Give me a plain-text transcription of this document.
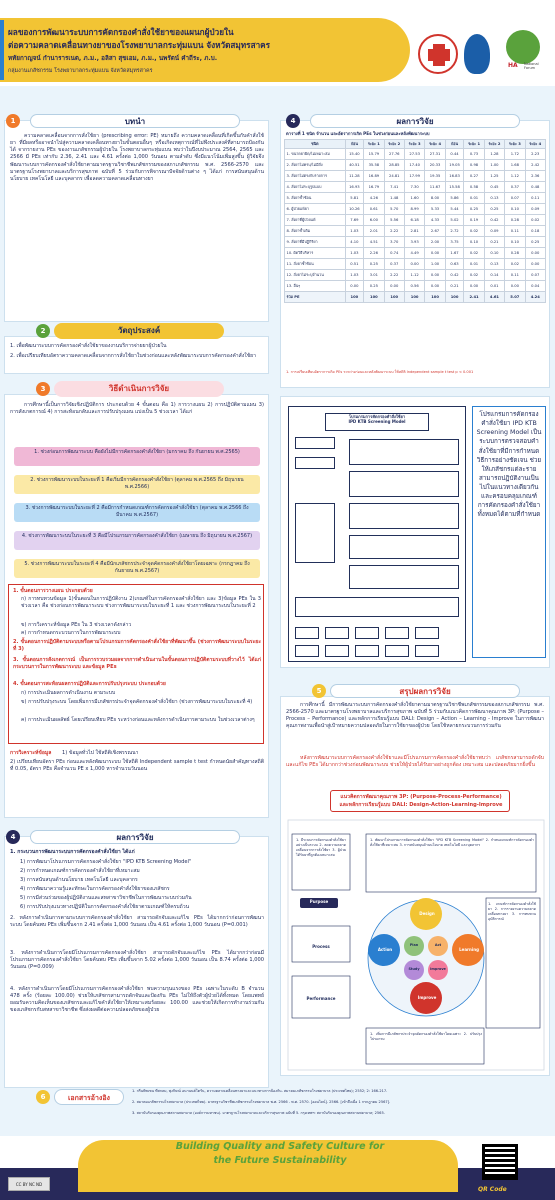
ผลของการพัฒนาระบบการคัดกรองคำสั่งใช้ยาของแผนกผู้ป่วยใน
ต่อความคลาดเคลื่อนทางยาของโรงพยาบาลกระทุ่มแบน จังหวัดสมุทรสาคร
หทัยกาญจน์ กำนารารเนต, ภ.ม., อลิสา สุขเอม, ภ.ม., นพรัตน์ คำถีระ, ภ.บ.
กลุ่มงานเภสัชกรรม โรงพยาบาลกระทุ่มแบน จังหวัดสมุทรสาคร
HA National Forum
1	บทนำ
ความคลาดเคลื่อนจากการสั่งใช้ยา (prescribing error: PE) หมายถึง ความคลาดเคลื่อนที่เกิดขึ้นกับคำสั่งใช้ยา ที่มีผลหรืออาจนำไปสู่ความคลาดเคลื่อนทางยาในขั้นตอนอื่นๆ หรือเกิดเหตุการณ์ที่ไม่พึงประสงค์ที่สามารถป้องกันได้ จากรายงาน PEs ของงานเภสัชกรรมผู้ป่วยใน โรงพยาบาลกระทุ่มแบน พบว่าในปีงบประมาณ 2564, 2565 และ 2566 มี PEs เท่ากับ 2.36, 2.41 และ 4.61 ครั้งต่อ 1,000 วันนอน ตามลำดับ ซึ่งมีแนวโน้มเพิ่มสูงขึ้น ผู้วิจัยจึงพัฒนาระบบการคัดกรองคำสั่งใช้ยาตามมาตรฐานวิชาชีพเภสัชกรรมของสภาเภสัชกรรม พ.ศ. 2566-2570 และมาตรฐานโรงพยาบาลและบริการสุขภาพ ฉบับที่ 5 ร่วมกับการพิจารณาปัจจัยด้านต่าง ๆ ได้แก่ การสนับสนุนด้านนโยบาย เทคโนโลยี และบุคลากร เพื่อลดความคลาดเคลื่อนทางยา
2	วัตถุประสงค์
1. เพื่อพัฒนาระบบการคัดกรองคำสั่งใช้ยาของงานบริการจ่ายยาผู้ป่วยใน
2. เพื่อเปรียบเทียบอัตราความคลาดเคลื่อนจากการสั่งใช้ยาในช่วงก่อนและหลังพัฒนาระบบการคัดกรองคำสั่งใช้ยา
3	วิธีดำเนินการวิจัย
การศึกษานี้เป็นการวิจัยเชิงปฏิบัติการ ประกอบด้วย 4 ขั้นตอน คือ 1) การวางแผน 2) การปฏิบัติตามแผน 3) การสังเกตการณ์ 4) การสะท้อนกลับและการปรับปรุงแผน แบ่งเป็น 5 ช่วงเวลา ได้แก่
1. ช่วงก่อนการพัฒนาระบบ คือยังไม่มีการคัดกรองคำสั่งใช้ยา (มกราคม ถึง กันยายน พ.ศ.2565)
2. ช่วงการพัฒนาระบบในระยะที่ 1 คือเริ่มมีการคัดกรองคำสั่งใช้ยา (ตุลาคม พ.ศ.2565 ถึง มิถุนายน พ.ศ.2566)
3. ช่วงการพัฒนาระบบในระยะที่ 2 คือมีการกำหนดเกณฑ์การคัดกรองคำสั่งใช้ยา (ตุลาคม พ.ศ.2566 ถึง มีนาคม พ.ศ.2567)
4. ช่วงการพัฒนาระบบในระยะที่ 3 คือมีโปรแกรมการคัดกรองคำสั่งใช้ยา (เมษายน ถึง มิถุนายน พ.ศ.2567)
5. ช่วงการพัฒนาระบบในระยะที่ 4 คือมีนักเภสัชกรประจำจุดคัดกรองคำสั่งใช้ยาโดยเฉพาะ (กรกฎาคม ถึง กันยายน พ.ศ.2567)
1. ขั้นตอนการวางแผน ประกอบด้วย
ก) การทบทวนข้อมูล 1)ขั้นตอนในการปฏิบัติงาน 2)เกณฑ์ในการคัดกรองคำสั่งใช้ยา และ 3)ข้อมูล PEs ใน 3 ช่วงเวลา คือ ช่วงก่อนการพัฒนาระบบ ช่วงการพัฒนาระบบในระยะที่ 1 และ ช่วงการพัฒนาระบบในระยะที่ 2
ข) การวิเคราะห์ข้อมูล PEs ใน 3 ช่วงเวลาดังกล่าว
ค) การกำหนดกระบวนการในการพัฒนาระบบ
2. ขั้นตอนการปฏิบัติตามระบบหรือตามโปรแกรมการคัดกรองคำสั่งใช้ยาที่พัฒนาขึ้น (ช่วงการพัฒนาระบบในระยะที่ 3)
3. ขั้นตอนการสังเกตการณ์ เป็นการรวบรวมผลจากการดำเนินงานในขั้นตอนการปฏิบัติตามระบบที่วางไว้ ได้แก่ กระบวนการในการพัฒนาระบบ และข้อมูล PEs
4. ขั้นตอนการสะท้อนผลการปฏิบัติและการปรับปรุงระบบ ประกอบด้วย
ก) การประเมินผลการดำเนินงาน ตามระบบ
ข) การปรับปรุงระบบ โดยเพิ่มการมีเภสัชกรประจำจุดคัดกรองคำสั่งใช้ยา (ช่วงการพัฒนาระบบในระยะที่ 4)
ค) การประเมินผลลัพธ์ โดยเปรียบเทียบ PEs ระหว่างก่อนและหลังการดำเนินการตามระบบ ในช่วงเวลาต่างๆ
การวิเคราะห์ข้อมูล	1) ข้อมูลทั่วไป ใช้สถิติเชิงพรรณนา
2) เปรียบเทียบอัตรา PEs ก่อนและหลังพัฒนาระบบ ใช้สถิติ Independent sample t test กำหนดนัยสำคัญทางสถิติที่ 0.05, อัตรา PEs คือจำนวน PE x 1,000 หารจำนวนวันนอน
4	ผลการวิจัย
1. กระบวนการพัฒนาระบบการคัดกรองคำสั่งใช้ยา ได้แก่
1) การพัฒนาโปรแกรมการคัดกรองคำสั่งใช้ยา "IPD KTB Screening Model"
2) การกำหนดเกณฑ์การคัดกรองคำสั่งใช้ยาที่เหมาะสม
3) การสนับสนุนด้านนโยบาย เทคโนโลยี และบุคลากร
4) การพัฒนาความรู้และทักษะในการคัดกรองคำสั่งใช้ยาของเภสัชกร
5) การมีส่วนร่วมของผู้ปฏิบัติงานและสหสาขาวิชาชีพในการพัฒนาระบบร่วมกัน
6) การปรับปรุงแนวทางปฏิบัติในการคัดกรองคำสั่งใช้ยาตามเกณฑ์ให้ครบถ้วน
2. หลังการดำเนินการตามระบบการคัดกรองคำสั่งใช้ยา สามารถดักจับและแก้ไข PEs ได้มากกว่าก่อนการพัฒนาระบบ โดยค้นพบ PEs เพิ่มขึ้นจาก 2.41 ครั้งต่อ 1,000 วันนอน เป็น 4.61 ครั้งต่อ 1,000 วันนอน (P=0.001)
3. หลังการดำเนินการโดยมีโปรแกรมการคัดกรองคำสั่งใช้ยา สามารถดักจับและแก้ไข PEs ได้มากกว่าก่อนมีโปรแกรมการคัดกรองคำสั่งใช้ยา โดยค้นพบ PEs เพิ่มขึ้นจาก 5.02 ครั้งต่อ 1,000 วันนอน เป็น 8.74 ครั้งต่อ 1,000 วันนอน (P=0.009)
4. หลังการดำเนินการโดยมีโปรแกรมการคัดกรองคำสั่งใช้ยา พบความรุนแรงของ PEs เฉพาะในระดับ B จำนวน 478 ครั้ง (ร้อยละ 100.00) ช่วยให้เภสัชกรสามารถดักจับและป้องกัน PEs ไม่ให้ถึงตัวผู้ป่วยได้ทั้งหมด โดยแพทย์ยอมรับความคิดเห็นของเภสัชกรและแก้ไขคำสั่งใช้ยาให้เหมาะสมร้อยละ 100.00 และช่วยให้เกิดการทำงานร่วมกันของเภสัชกรกับสหสาขาวิชาชีพ ซึ่งส่งผลดีต่อความปลอดภัยของผู้ป่วย
6	เอกสารอ้างอิง
1. กรีนพิชเชน ทีสกลม, พุงกิษณ์ อนานนต์โตรัน, ความคลาดเคลื่อนทางยาและแนวทางการป้องกัน. สมาคมเภสัชกรรมโรงพยาบาล (ประเทศไทย); 2552; 2: 166-217.
2. สมาคมเภสัชกรรมโรงพยาบาล (ประเทศไทย). มาตรฐานวิชาชีพเภสัชกรรมโรงพยาบาล พ.ศ. 2566 - พ.ศ. 2570. [ออนไลน์]. 2566. [เข้าถึงเมื่อ 1 กรกฎาคม 2567].
3. สถาบันรับรองคุณภาพสถานพยาบาล (องค์การมหาชน). มาตรฐานโรงพยาบาลและบริการสุขภาพ ฉบับที่ 5. กรุงเทพฯ: สถาบันรับรองคุณภาพสถานพยาบาล; 2565.
4	ผลการวิจัย
ตารางที่ 1 ชนิด จำนวน และอัตราการเกิด PEs ในช่วงก่อนและหลังพัฒนาระบบ
ชนิด	ก่อน	ระยะ 1	ระยะ 2	ระยะ 3	ระยะ 4	ก่อน	ระยะ 1	ระยะ 2	ระยะ 3	ระยะ 4
1. ขนาดยาผิด/ไม่เหมาะสม	15.40	15.79	27.76	27.53	27.31	0.44	0.73	1.28	1.72	2.23
2. สั่งยาไม่ครบ/ไม่มีสั่ง	40.51	35.58	28.85	17.40	20.33	19.05	0.98	1.00	1.68	2.42
3. สั่งยาไม่ตรงกับรายการ	11.28	16.89	24.81	17.99	19.35	16.83	0.27	1.25	1.12	2.36
4. สั่งยาไม่ระบุรูปแบบ	16.93	16.79	7.41	7.30	11.67	15.58	0.58	0.45	0.37	0.48
5. สั่งยาซ้ำซ้อน	5.81	4.26	1.48	1.60	8.00	5.86	0.01	0.13	0.07	0.11
6. ผู้ป่วยแพ้ยา	10.26	0.61	5.70	8.99	5.33	5.44	0.25	0.25	0.10	0.09
7. สั่งยาที่ผู้ป่วยแพ้	7.69	6.00	5.56	6.18	4.33	5.02	0.19	0.42	0.28	0.02
8. สั่งยาซ้ำเดิม	1.03	2.01	2.22	2.81	2.67	2.72	0.02	0.09	0.11	0.18
9. สั่งยาที่มีปฏิกิริยา	4.10	4.51	3.70	3.93	2.00	3.75	0.10	0.21	0.10	0.25
10. ผิดวิธีบริหาร	1.03	2.26	0.74	4.49	0.00	1.67	0.02	0.10	0.28	0.00
11. สั่งยาซ้ำซ้อน	0.51	0.25	0.37	0.00	1.00	0.63	0.01	0.13	0.02	0.00
12. สั่งยาไม่ระบุจำนวน	1.03	3.01	2.22	1.12	0.00	0.42	0.02	0.14	0.11	0.07
13. อื่นๆ	0.00	0.25	0.00	0.56	0.00	0.21	0.00	0.01	0.00	0.04
รวม PE	100	100	100	100	100	100	2.41	4.61	5.07	4.24
1. การเปรียบเทียบอัตราการเกิด PEs ระหว่างก่อนและหลังพัฒนาระบบ ใช้สถิติ Independent sample t test p < 0.001
โปรแกรมการคัดกรองคำสั่งใช้ยา
IPD KTB Screening Model
โปรแกรมการคัดกรองคำสั่งใช้ยา IPD KTB Screening Model เป็นระบบการตรวจสอบคำสั่งใช้ยาที่มีการกำหนดวิธีการอย่างชัดเจน ช่วยให้เภสัชกรแต่ละรายสามารถปฏิบัติงานเป็นไปในแนวทางเดียวกันและครอบคลุมเกณฑ์การคัดกรองคำสั่งใช้ยาทั้งหมดได้ตามที่กำหนด
5	สรุปผลการวิจัย
การศึกษานี้ มีการพัฒนาระบบการคัดกรองคำสั่งใช้ยาตามมาตรฐานวิชาชีพเภสัชกรรมของสภาเภสัชกรรม พ.ศ. 2566-2570 และมาตรฐานโรงพยาบาลและบริการสุขภาพ ฉบับที่ 5 ร่วมกับแนวคิดการพัฒนาคุณภาพ 3P: (Purpose – Process – Performance) และหลักการเรียนรู้แบบ DALI: Design – Action – Learning - Improve ในการพัฒนาคุณภาพงานเพื่อนำสู่เป้าหมายความปลอดภัยในการใช้ยาของผู้ป่วย โดยใช้หลายกระบวนการร่วมกัน
หลังการพัฒนาระบบการคัดกรองคำสั่งใช้ยาและมีโปรแกรมการคัดกรองคำสั่งใช้ยาพบว่า เภสัชกรสามารถดักจับและแก้ไข PEs ได้มากกว่าช่วงก่อนพัฒนาระบบ ช่วยให้ผู้ป่วยได้รับยาอย่างถูกต้อง เหมาะสม และปลอดภัยมากยิ่งขึ้น
แนวคิดการพัฒนาคุณภาพ 3P: (Purpose-Process-Performance)
และหลักการเรียนรู้แบบ DALI: Design-Action-Learning-Improve
1. มีระบบการคัดกรองคำสั่งใช้ยาอย่างเป็นระบบ 2. ลดความคลาดเคลื่อนจากการสั่งใช้ยา 3. ผู้ป่วยได้รับยาที่ถูกต้องเหมาะสม
Purpose
Process
Performance
1. พัฒนาโปรแกรมการคัดกรองคำสั่งใช้ยา "IPD KTB Screening Model" 2. กำหนดเกณฑ์การคัดกรองคำสั่งใช้ยาที่เหมาะสม 3. การสนับสนุนด้านนโยบาย เทคโนโลยี และบุคลากร
1. เกณฑ์การคัดกรองคำสั่งใช้ยา 2. การรายงานความคลาดเคลื่อนทางยา 3. การทบทวนอุบัติการณ์
1. เพิ่มการมีเภสัชกรประจำจุดคัดกรองคำสั่งใช้ยาโดยเฉพาะ 2. ปรับปรุงโปรแกรม
Design
Learning
Improve
Action
Plan	Act
Study	Improve
Building Quality and Safety Culture for
the Future Sustainability
CC BY NC ND
QR Code
